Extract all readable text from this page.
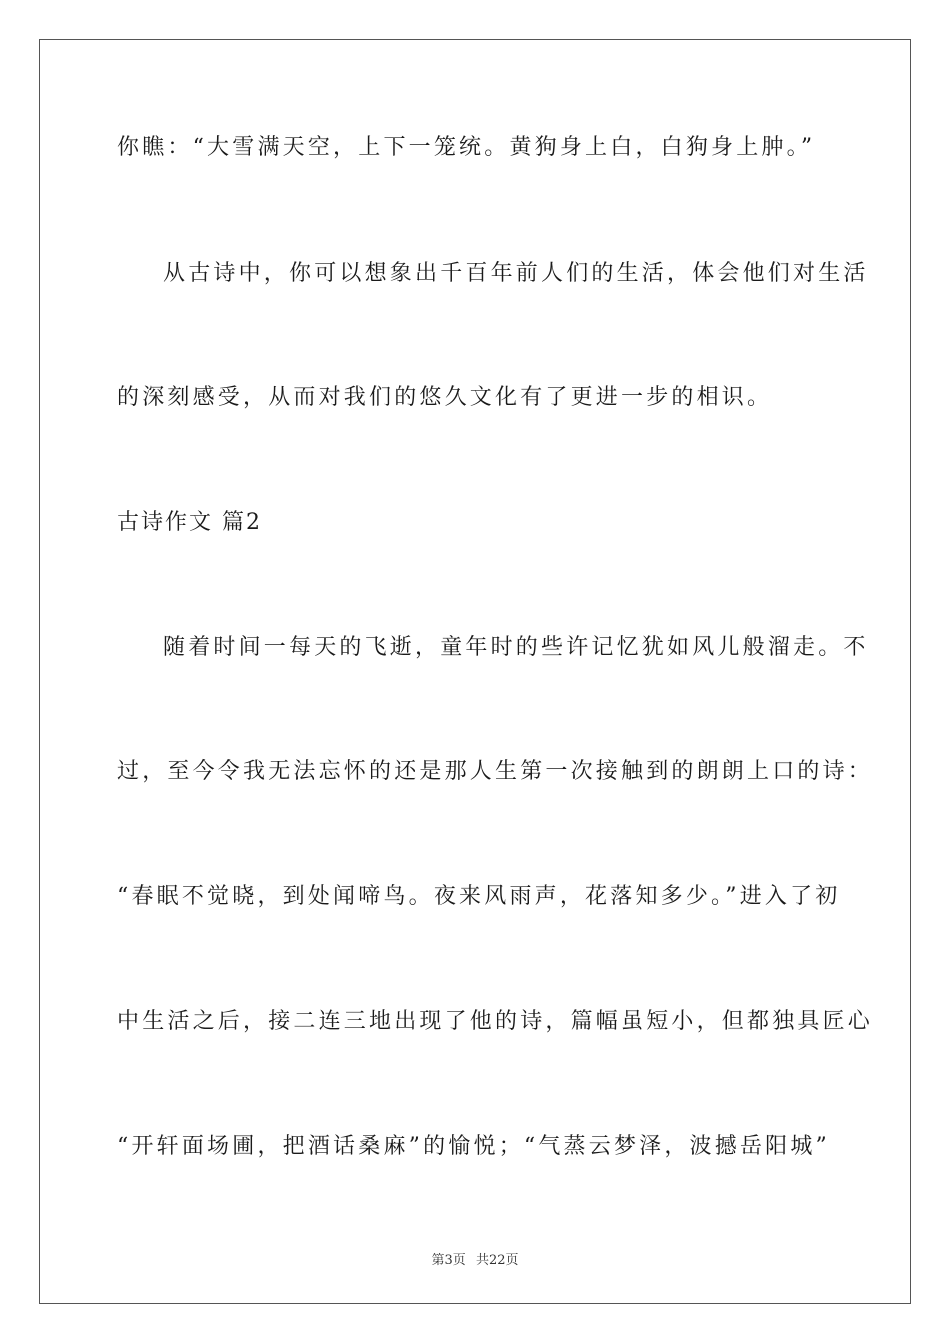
你瞧：“大雪满天空，上下一笼统。黄狗身上白，白狗身上肿。”
从古诗中，你可以想象出千百年前人们的生活，体会他们对生活
的深刻感受，从而对我们的悠久文化有了更进一步的相识。
古诗作文 篇2
随着时间一每天的飞逝，童年时的些许记忆犹如风儿般溜走。不
过，至今令我无法忘怀的还是那人生第一次接触到的朗朗上口的诗：
“春眠不觉晓，到处闻啼鸟。夜来风雨声，花落知多少。”进入了初
中生活之后，接二连三地出现了他的诗，篇幅虽短小，但都独具匠心
“开轩面场圃，把酒话桑麻”的愉悦；“气蒸云梦泽，波撼岳阳城”
第3页 共22页
